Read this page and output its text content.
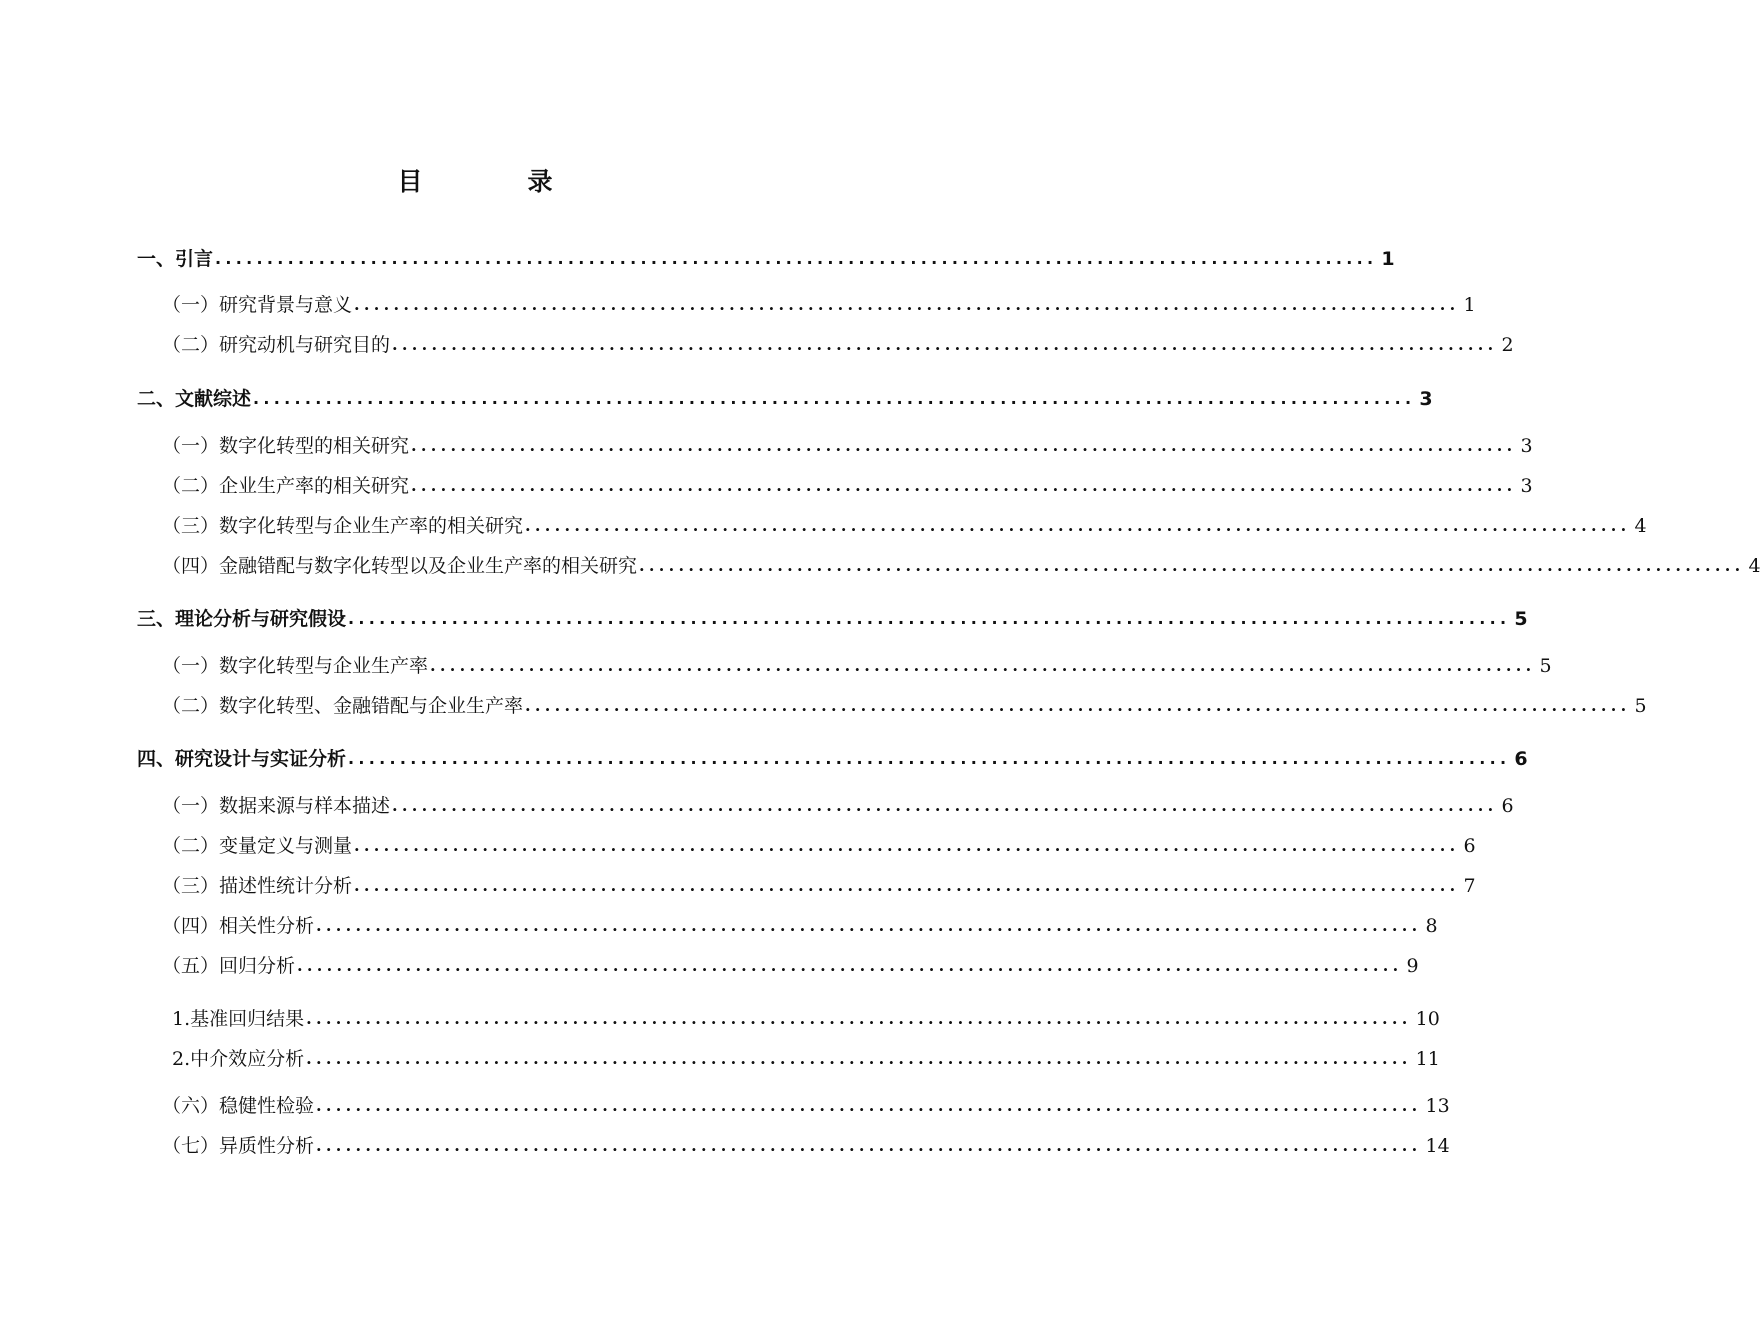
目　录
一、引言 ................................................................................................................ 1
（一）研究背景与意义 ................................................................................................................ 1
（二）研究动机与研究目的 ................................................................................................................ 2
二、文献综述 ................................................................................................................ 3
（一）数字化转型的相关研究 ................................................................................................................ 3
（二）企业生产率的相关研究 ................................................................................................................ 3
（三）数字化转型与企业生产率的相关研究 ................................................................................................................ 4
（四）金融错配与数字化转型以及企业生产率的相关研究 ................................................................................................................ 4
三、理论分析与研究假设 ................................................................................................................ 5
（一）数字化转型与企业生产率 ................................................................................................................ 5
（二）数字化转型、金融错配与企业生产率 ................................................................................................................ 5
四、研究设计与实证分析 ................................................................................................................ 6
（一）数据来源与样本描述 ................................................................................................................ 6
（二）变量定义与测量 ................................................................................................................ 6
（三）描述性统计分析 ................................................................................................................ 7
（四）相关性分析 ................................................................................................................ 8
（五）回归分析 ................................................................................................................ 9
1.基准回归结果 ................................................................................................................ 10
2.中介效应分析 ................................................................................................................ 11
（六）稳健性检验 ................................................................................................................ 13
（七）异质性分析 ................................................................................................................ 14
